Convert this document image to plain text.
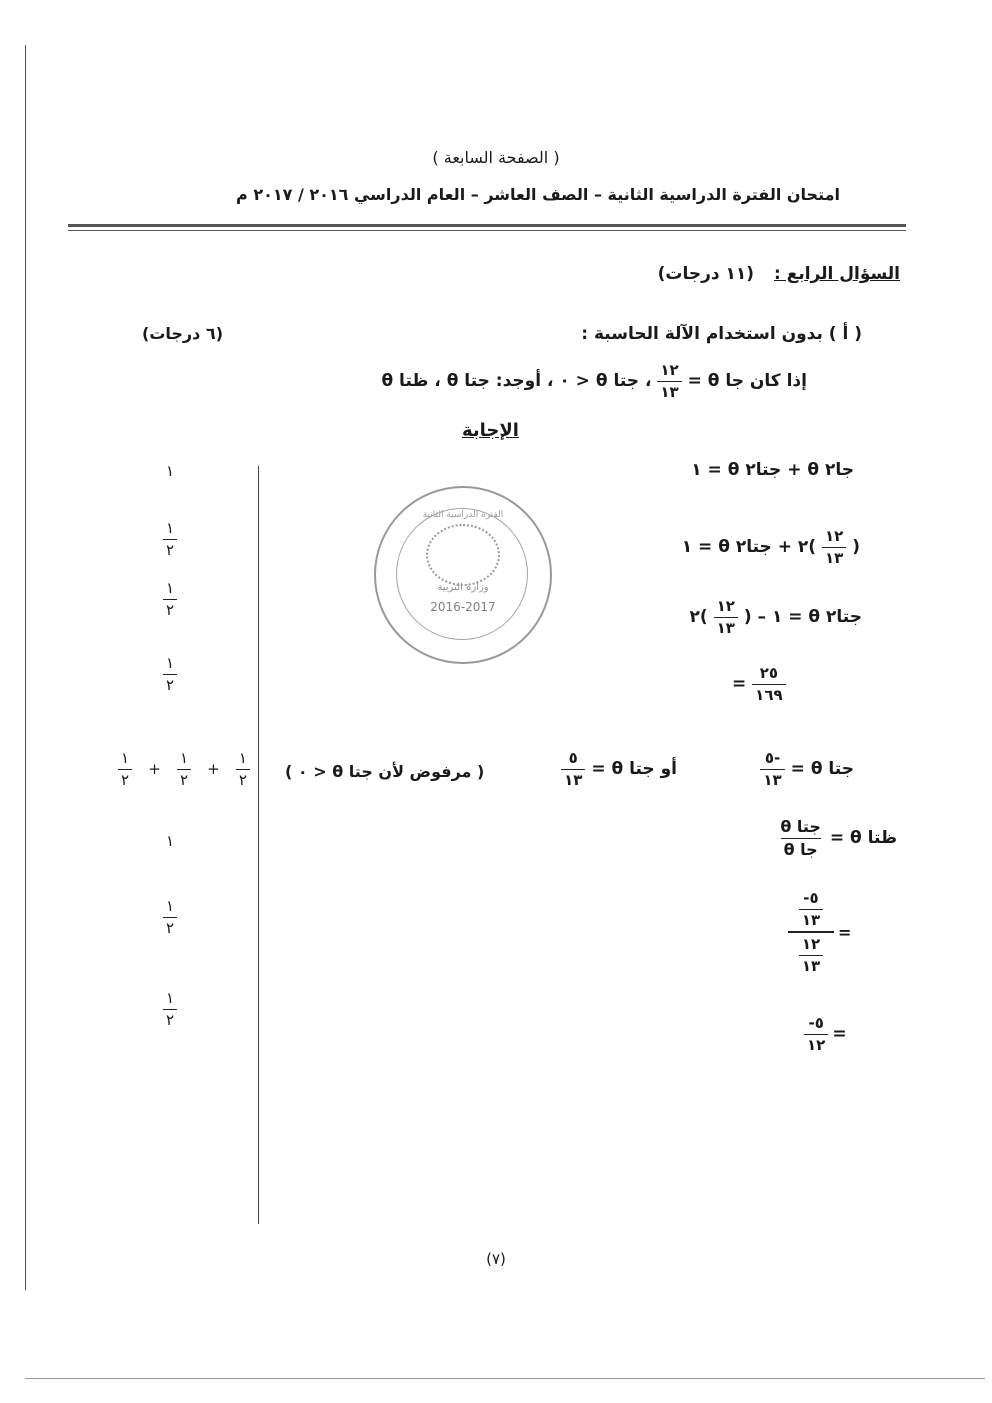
( الصفحة السابعة )
امتحان الفترة الدراسية الثانية – الصف العاشر – العام الدراسي ٢٠١٦ / ٢٠١٧ م
السؤال الرابع : (١١ درجات)
( أ ) بدون استخدام الآلة الحاسبة :
(٦ درجات)
إذا كان جا θ =
$\frac{١٢}{١٣}$
، جتا θ < ٠ ، أوجد: جتا θ ، ظتا θ
الإجابة
الفترة الدراسية الثانية
وزارة التربية
2016-2017
جا٢ θ + جتا٢ θ = ١
(
$\frac{١٢}{١٣}$
)٢ + جتا٢ θ = ١
جتا٢ θ = ١ – (
$\frac{١٢}{١٣}$
)٢
= $\frac{٢٥}{١٦٩}$
جتا θ =
$\frac{-٥}{١٣}$
أو جتا θ =
$\frac{٥}{١٣}$
( مرفوض لأن جتا θ < ٠ )
ظتا θ =
$\frac{\text{جتا θ}}{\text{جا θ}}$
$\frac{-٥}{١٣}$
$\frac{١٢}{١٣}$
=
$\frac{-٥}{١٢}$ =
١
$\frac{١}{٢}$
$\frac{١}{٢}$
$\frac{١}{٢}$
$\frac{١}{٢} + \frac{١}{٢} + \frac{١}{٢}$
١
$\frac{١}{٢}$
$\frac{١}{٢}$
(٧)
